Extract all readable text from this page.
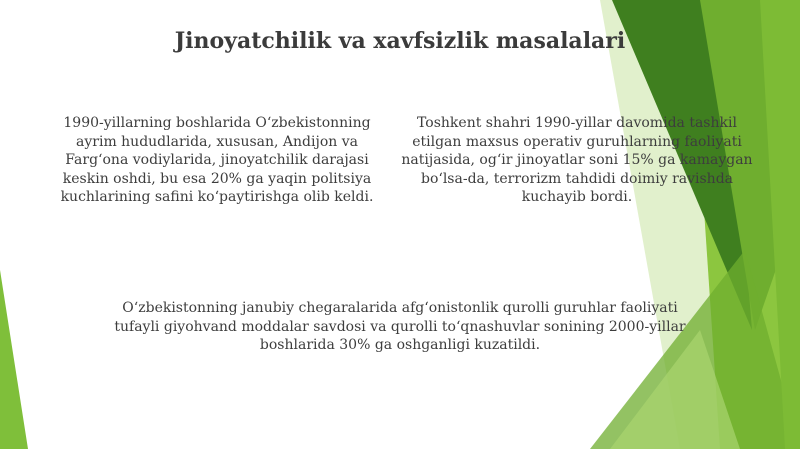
Jinoyatchilik va xavfsizlik masalalari

1990-yillarning boshlarida O‘zbekistonning ayrim hududlarida, xususan, Andijon va Farg‘ona vodiylarida, jinoyatchilik darajasi keskin oshdi, bu esa 20% ga yaqin politsiya kuchlarining safini ko‘paytirishga olib keldi.

Toshkent shahri 1990-yillar davomida tashkil etilgan maxsus operativ guruhlarning faoliyati natijasida, og‘ir jinoyatlar soni 15% ga kamaygan bo‘lsa-da, terrorizm tahdidi doimiy ravishda kuchayib bordi.

O‘zbekistonning janubiy chegaralarida afg‘onistonlik qurolli guruhlar faoliyati tufayli giyohvand moddalar savdosi va qurolli to‘qnashuvlar sonining 2000-yillar boshlarida 30% ga oshganligi kuzatildi.
